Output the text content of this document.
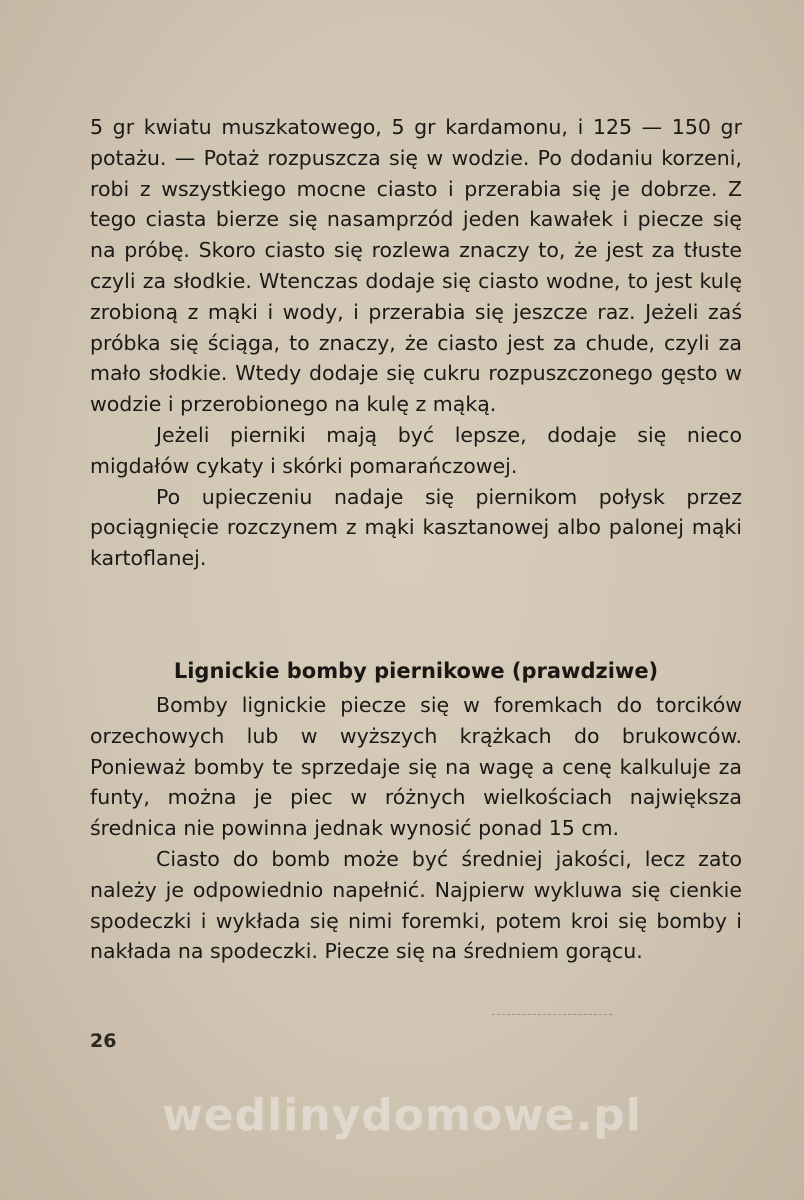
5 gr kwiatu muszkatowego, 5 gr kardamonu, i 125 — 150 gr potażu. — Potaż rozpuszcza się w wodzie. Po dodaniu korzeni, robi z wszystkiego mocne ciasto i przerabia się je dobrze. Z tego ciasta bierze się nasamprzód jeden kawałek i piecze się na próbę. Skoro ciasto się rozlewa znaczy to, że jest za tłuste czyli za słodkie. Wtenczas dodaje się ciasto wodne, to jest kulę zrobioną z mąki i wody, i przerabia się jeszcze raz. Jeżeli zaś próbka się ściąga, to znaczy, że ciasto jest za chude, czyli za mało słodkie. Wtedy dodaje się cukru rozpuszczonego gęsto w wodzie i przerobionego na kulę z mąką.

Jeżeli pierniki mają być lepsze, dodaje się nieco migdałów cykaty i skórki pomarańczowej.

Po upieczeniu nadaje się piernikom połysk przez pociągnięcie rozczynem z mąki kasztanowej albo palonej mąki kartoflanej.

Lignickie bomby piernikowe (prawdziwe)

Bomby lignickie piecze się w foremkach do torcików orzechowych lub w wyższych krążkach do brukowców. Ponieważ bomby te sprzedaje się na wagę a cenę kalkuluje za funty, można je piec w różnych wielkościach największa średnica nie powinna jednak wynosić ponad 15 cm.

Ciasto do bomb może być średniej jakości, lecz zato należy je odpowiednio napełnić. Najpierw wykluwa się cienkie spodeczki i wykłada się nimi foremki, potem kroi się bomby i nakłada na spodeczki. Piecze się na średniem gorącu.

26
wedlinydomowe.pl
